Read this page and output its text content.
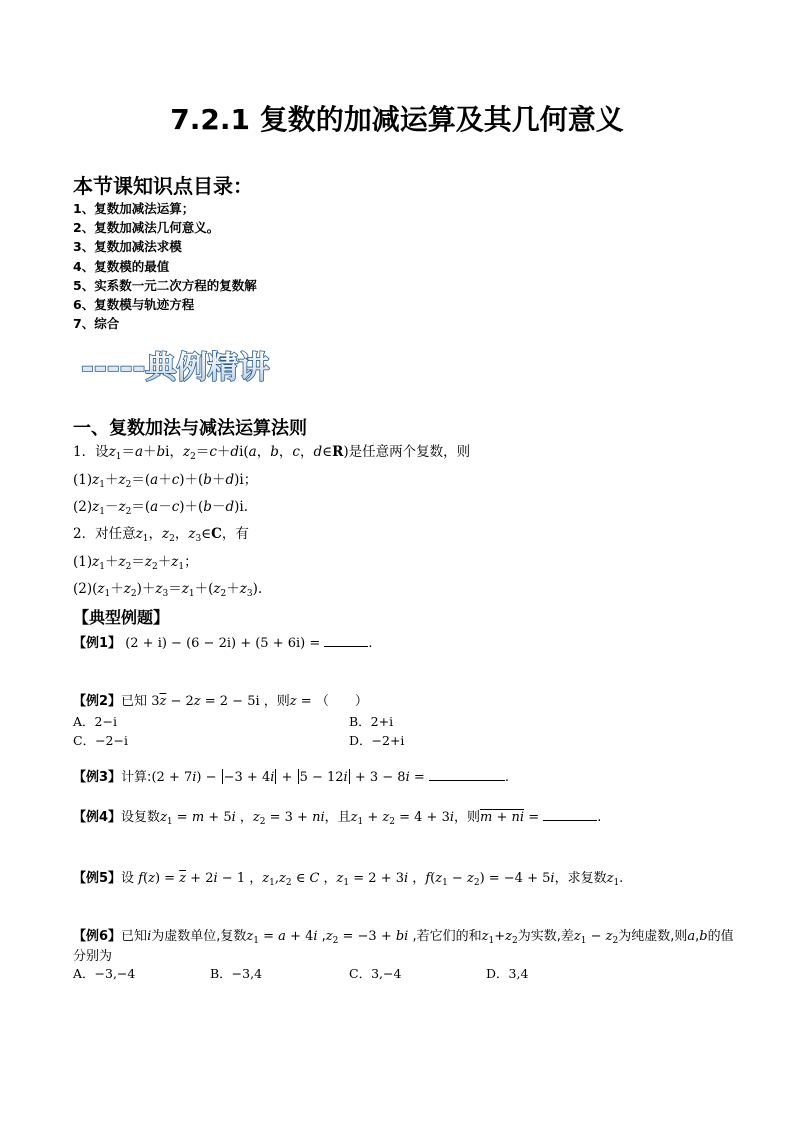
7.2.1 复数的加减运算及其几何意义
本节课知识点目录：
1、复数加减法运算；
2、复数加减法几何意义。
3、复数加减法求模
4、复数模的最值
5、实系数一元二次方程的复数解
6、复数模与轨迹方程
7、综合
-----典例精讲
一、复数加法与减法运算法则
1．设$z_1=a+bi$，$z_2=c+di(a$，b，c，d∈R)是任意两个复数，则
$(1)z_1+z_2=(a+c)+(b+d)i$；
$(2)z_1-z_2=(a-c)+(b-d)i$.
2．对任意$z_1$，$z_2$，$z_3\in C$，有
$(1)z_1+z_2=z_2+z_1$；
$(2)(z_1+z_2)+z_3=z_1+(z_2+z_3)$.
【典型例题】
【例1】 (2 + i) − (6 − 2i) + (5 + 6i) =	.
【例2】已知 $3\overline{z} - 2z = 2 - 5i$ ，则z = （　　）
A．2−i	B．2+i
C．−2−i	D．−2+i
【例3】计算:(2 + 7i) − −3 + 4i + 5 − 12i + 3 − 8i =	.
【例4】设复数$z_1 = m + 5i$ ，$z_2 = 3$ + ni，且$z_1 + z_2 = 4 + 3i$，则m + ni =	.
【例5】设 $f(z) = \overline{z} + 2i - 1$ ，$z_1,z_2$ ∈ C ，$z_1 = 2 + 3i$ ，$f(z_1 - z_2) = -4 + 5i$，求复数$z_1$.
【例6】已知i为虚数单位,复数$z_1 = a + 4i$ $,z_2 = -3$ + bi ,若它们的和$z_1+z_2$为实数,差$z_1 - z_2$为纯虚数,则a,b的值
分别为
A．−3,−4	B．−3,4	C．3,−4	D．3,4
